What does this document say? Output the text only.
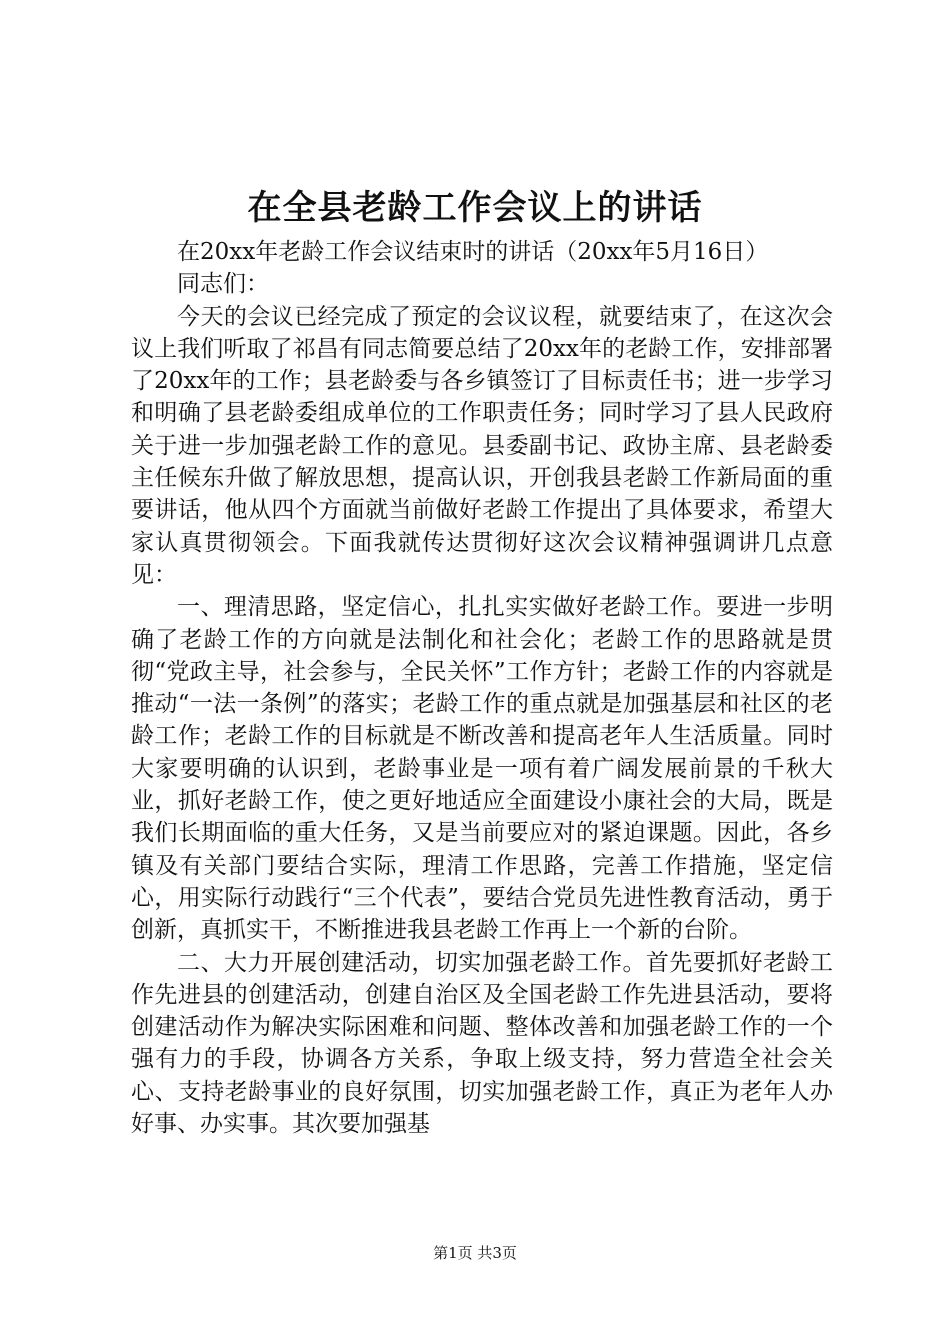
在全县老龄工作会议上的讲话

在20xx年老龄工作会议结束时的讲话（20xx年5月16日）

同志们：

今天的会议已经完成了预定的会议议程，就要结束了，在这次会议上我们听取了祁昌有同志简要总结了20xx年的老龄工作，安排部署了20xx年的工作；县老龄委与各乡镇签订了目标责任书；进一步学习和明确了县老龄委组成单位的工作职责任务；同时学习了县人民政府关于进一步加强老龄工作的意见。县委副书记、政协主席、县老龄委主任候东升做了解放思想，提高认识，开创我县老龄工作新局面的重要讲话，他从四个方面就当前做好老龄工作提出了具体要求，希望大家认真贯彻领会。下面我就传达贯彻好这次会议精神强调讲几点意见：

一、理清思路，坚定信心，扎扎实实做好老龄工作。要进一步明确了老龄工作的方向就是法制化和社会化；老龄工作的思路就是贯彻“党政主导，社会参与，全民关怀”工作方针；老龄工作的内容就是推动“一法一条例”的落实；老龄工作的重点就是加强基层和社区的老龄工作；老龄工作的目标就是不断改善和提高老年人生活质量。同时大家要明确的认识到，老龄事业是一项有着广阔发展前景的千秋大业，抓好老龄工作，使之更好地适应全面建设小康社会的大局，既是我们长期面临的重大任务，又是当前要应对的紧迫课题。因此，各乡镇及有关部门要结合实际，理清工作思路，完善工作措施，坚定信心，用实际行动践行“三个代表”，要结合党员先进性教育活动，勇于创新，真抓实干，不断推进我县老龄工作再上一个新的台阶。

二、大力开展创建活动，切实加强老龄工作。首先要抓好老龄工作先进县的创建活动，创建自治区及全国老龄工作先进县活动，要将创建活动作为解决实际困难和问题、整体改善和加强老龄工作的一个强有力的手段，协调各方关系，争取上级支持，努力营造全社会关心、支持老龄事业的良好氛围，切实加强老龄工作，真正为老年人办好事、办实事。其次要加强基

第1页 共3页
